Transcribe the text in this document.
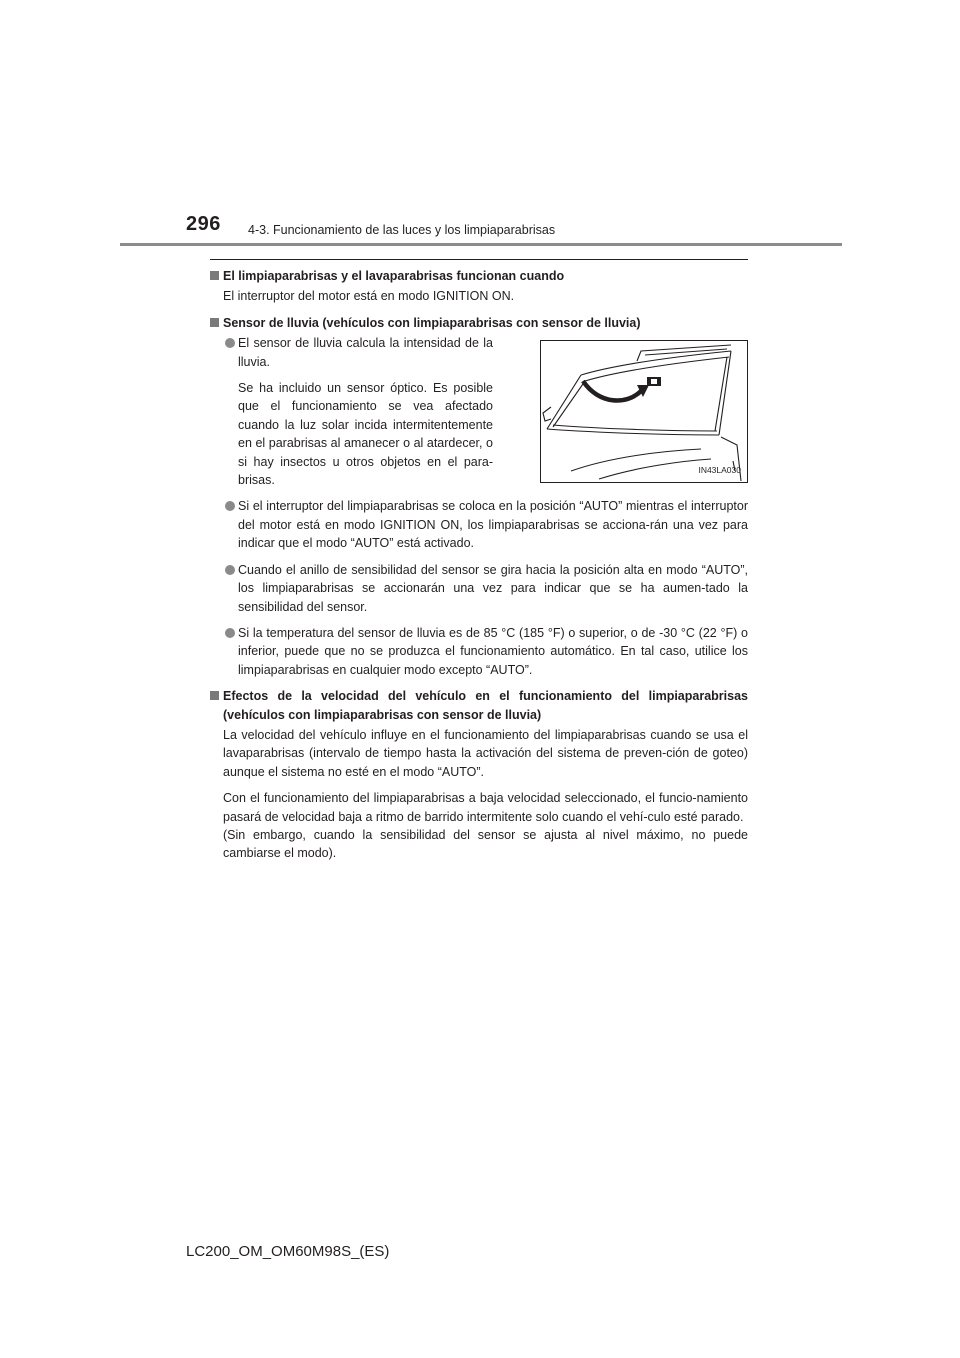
296 4-3. Funcionamiento de las luces y los limpiaparabrisas
El limpiaparabrisas y el lavaparabrisas funcionan cuando
El interruptor del motor está en modo IGNITION ON.
Sensor de lluvia (vehículos con limpiaparabrisas con sensor de lluvia)
El sensor de lluvia calcula la intensidad de la lluvia.
Se ha incluido un sensor óptico. Es posible que el funcionamiento se vea afectado cuando la luz solar incida intermitentemente en el parabrisas al amanecer o al atardecer, o si hay insectos u otros objetos en el para-brisas.
IN43LA030
Si el interruptor del limpiaparabrisas se coloca en la posición “AUTO” mientras el interruptor del motor está en modo IGNITION ON, los limpiaparabrisas se acciona-rán una vez para indicar que el modo “AUTO” está activado.
Cuando el anillo de sensibilidad del sensor se gira hacia la posición alta en modo “AUTO”, los limpiaparabrisas se accionarán una vez para indicar que se ha aumen-tado la sensibilidad del sensor.
Si la temperatura del sensor de lluvia es de 85 °C (185 °F) o superior, o de -30 °C (22 °F) o inferior, puede que no se produzca el funcionamiento automático. En tal caso, utilice los limpiaparabrisas en cualquier modo excepto “AUTO”.
Efectos de la velocidad del vehículo en el funcionamiento del limpiaparabrisas (vehículos con limpiaparabrisas con sensor de lluvia)
La velocidad del vehículo influye en el funcionamiento del limpiaparabrisas cuando se usa el lavaparabrisas (intervalo de tiempo hasta la activación del sistema de preven-ción de goteo) aunque el sistema no esté en el modo “AUTO”.
Con el funcionamiento del limpiaparabrisas a baja velocidad seleccionado, el funcio-namiento pasará de velocidad baja a ritmo de barrido intermitente solo cuando el vehí-culo esté parado.
(Sin embargo, cuando la sensibilidad del sensor se ajusta al nivel máximo, no puede cambiarse el modo).
LC200_OM_OM60M98S_(ES)
